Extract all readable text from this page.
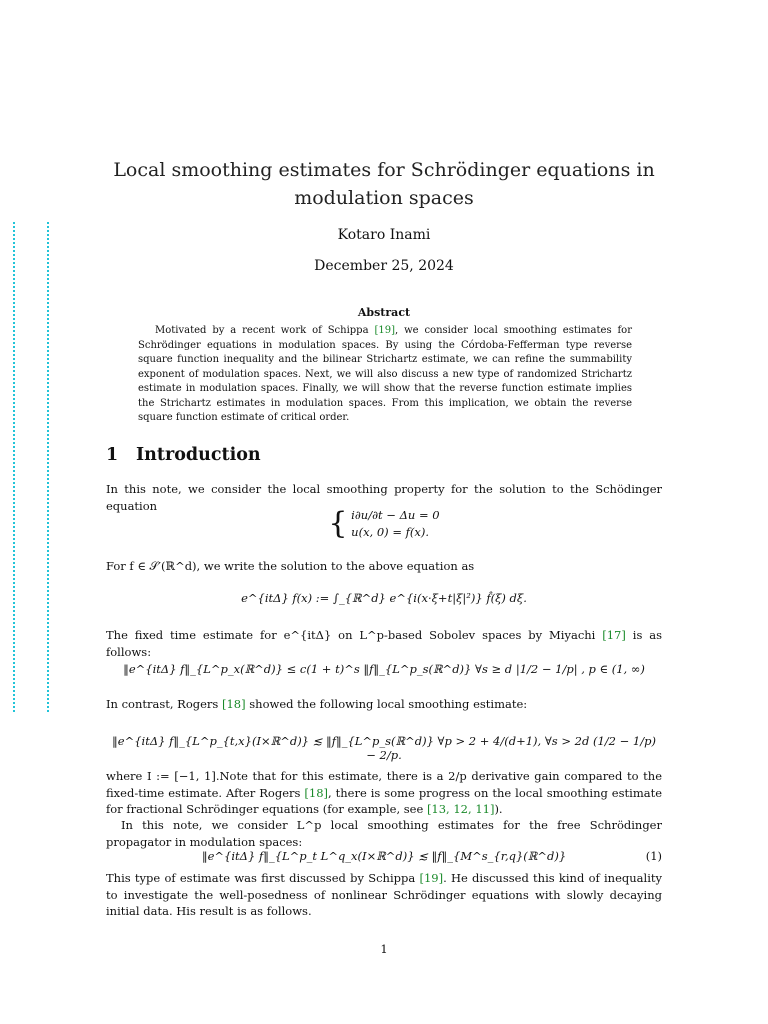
Local smoothing estimates for Schrödinger equations in
modulation spaces
Kotaro Inami
December 25, 2024
Abstract
Motivated by a recent work of Schippa [19], we consider local smoothing estimates for Schrödinger equations in modulation spaces. By using the Córdoba-Fefferman type reverse square function inequality and the bilinear Strichartz estimate, we can refine the summability exponent of modulation spaces. Next, we will also discuss a new type of randomized Strichartz estimate in modulation spaces. Finally, we will show that the reverse function estimate implies the Strichartz estimates in modulation spaces. From this implication, we obtain the reverse square function estimate of critical order.
1 Introduction
In this note, we consider the local smoothing property for the solution to the Schödinger equation
{ i∂u/∂t − Δu = 0
u(x, 0) = f(x).
For f ∈ 𝒮′(ℝ^d), we write the solution to the above equation as
e^{itΔ} f(x) := ∫_{ℝ^d} e^{i(x·ξ+t|ξ|²)} f̂(ξ) dξ.
The fixed time estimate for e^{itΔ} on L^p-based Sobolev spaces by Miyachi [17] is as follows:
‖e^{itΔ} f‖_{L^p_x(ℝ^d)} ≤ c(1 + t)^s ‖f‖_{L^p_s(ℝ^d)} ∀s ≥ d |1/2 − 1/p| , p ∈ (1, ∞)
In contrast, Rogers [18] showed the following local smoothing estimate:
‖e^{itΔ} f‖_{L^p_{t,x}(I×ℝ^d)} ≲ ‖f‖_{L^p_s(ℝ^d)} ∀p > 2 + 4/(d+1), ∀s > 2d (1/2 − 1/p) − 2/p.
where I := [−1, 1].Note that for this estimate, there is a 2/p derivative gain compared to the fixed-time estimate. After Rogers [18], there is some progress on the local smoothing estimate for fractional Schrödinger equations (for example, see [13, 12, 11]).
In this note, we consider L^p local smoothing estimates for the free Schrödinger propagator in modulation spaces:
‖e^{itΔ} f‖_{L^p_t L^q_x(I×ℝ^d)} ≲ ‖f‖_{M^s_{r,q}(ℝ^d)}	(1)
This type of estimate was first discussed by Schippa [19]. He discussed this kind of inequality to investigate the well-posedness of nonlinear Schrödinger equations with slowly decaying initial data. His result is as follows.
1
